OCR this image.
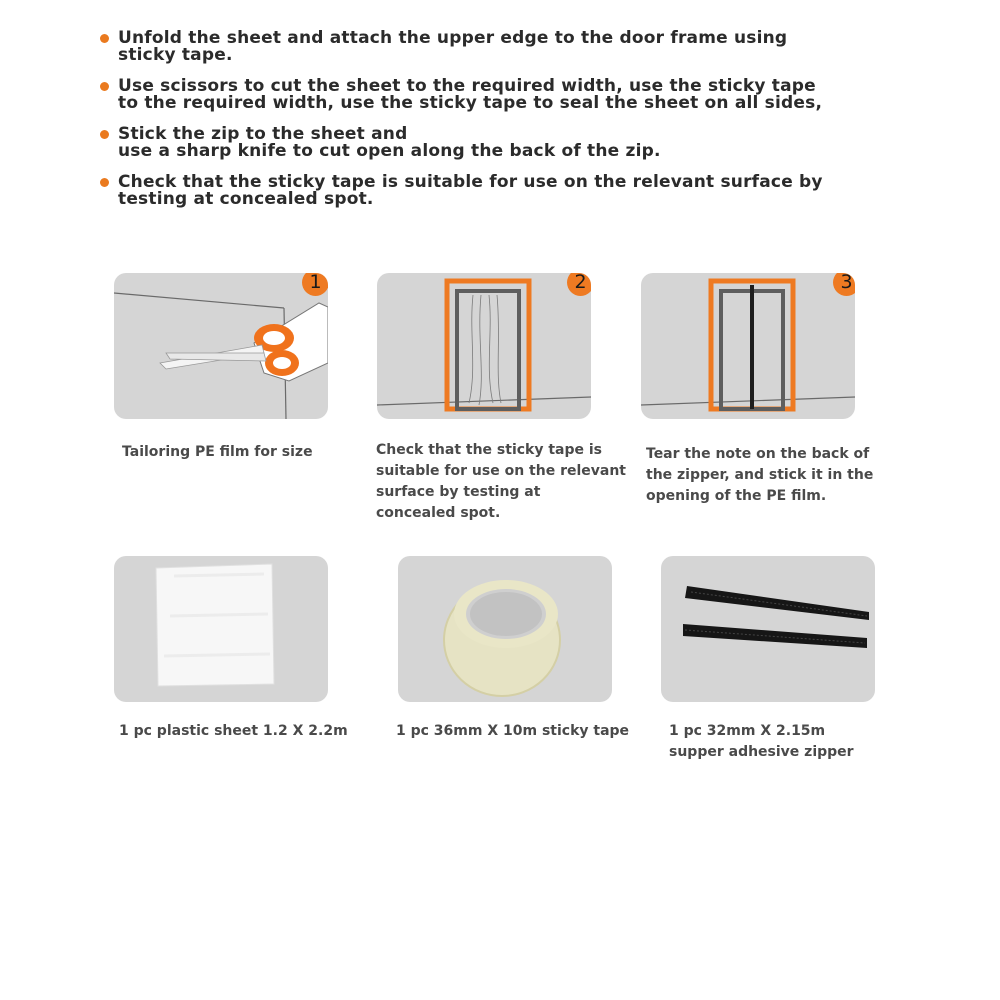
Unfold the sheet and attach the upper edge to the door frame using
sticky tape.
Use scissors to cut the sheet to the required width, use the sticky tape
to the required width, use the sticky tape to seal the sheet on all sides,
Stick the zip to the sheet and
use a sharp knife to cut open along the back of the zip.
Check that the sticky tape is suitable for use on the relevant surface by
testing at concealed spot.
1	2	3
Tailoring PE film for size	Check that the sticky tape is
suitable for use on the relevant
surface by testing at
concealed spot.
Tear the note on the back of
the zipper, and stick it in the
opening of the PE film.
1 pc plastic sheet 1.2 X 2.2m	1 pc 36mm X 10m sticky tape	1 pc 32mm X 2.15m
supper adhesive zipper
